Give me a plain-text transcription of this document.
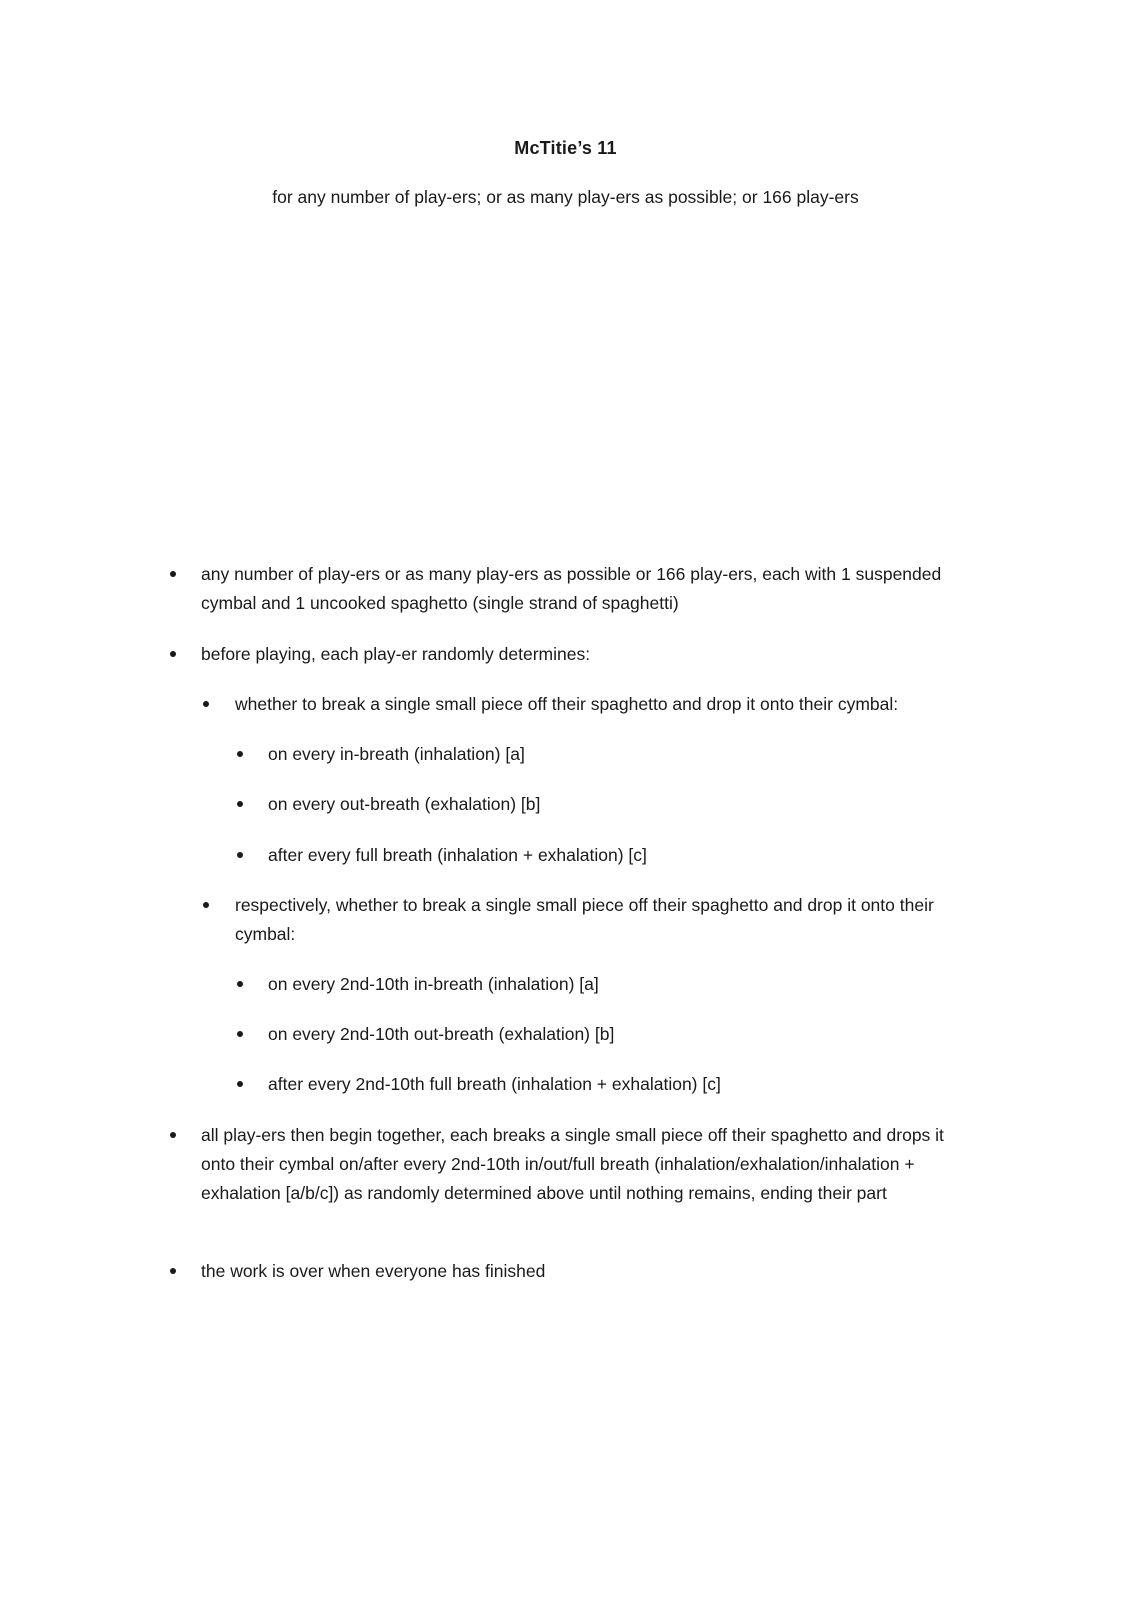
McTitie’s 11
for any number of play-ers; or as many play-ers as possible; or 166 play-ers
any number of play-ers or as many play-ers as possible or 166 play-ers, each with 1 suspended cymbal and 1 uncooked spaghetto (single strand of spaghetti)
before playing, each play-er randomly determines:
whether to break a single small piece off their spaghetto and drop it onto their cymbal:
on every in-breath (inhalation) [a]
on every out-breath (exhalation) [b]
after every full breath (inhalation + exhalation) [c]
respectively, whether to break a single small piece off their spaghetto and drop it onto their cymbal:
on every 2nd-10th in-breath (inhalation) [a]
on every 2nd-10th out-breath (exhalation) [b]
after every 2nd-10th full breath (inhalation + exhalation) [c]
all play-ers then begin together, each breaks a single small piece off their spaghetto and drops it onto their cymbal on/after every 2nd-10th in/out/full breath (inhalation/exhalation/inhalation + exhalation [a/b/c]) as randomly determined above until nothing remains, ending their part
the work is over when everyone has finished
